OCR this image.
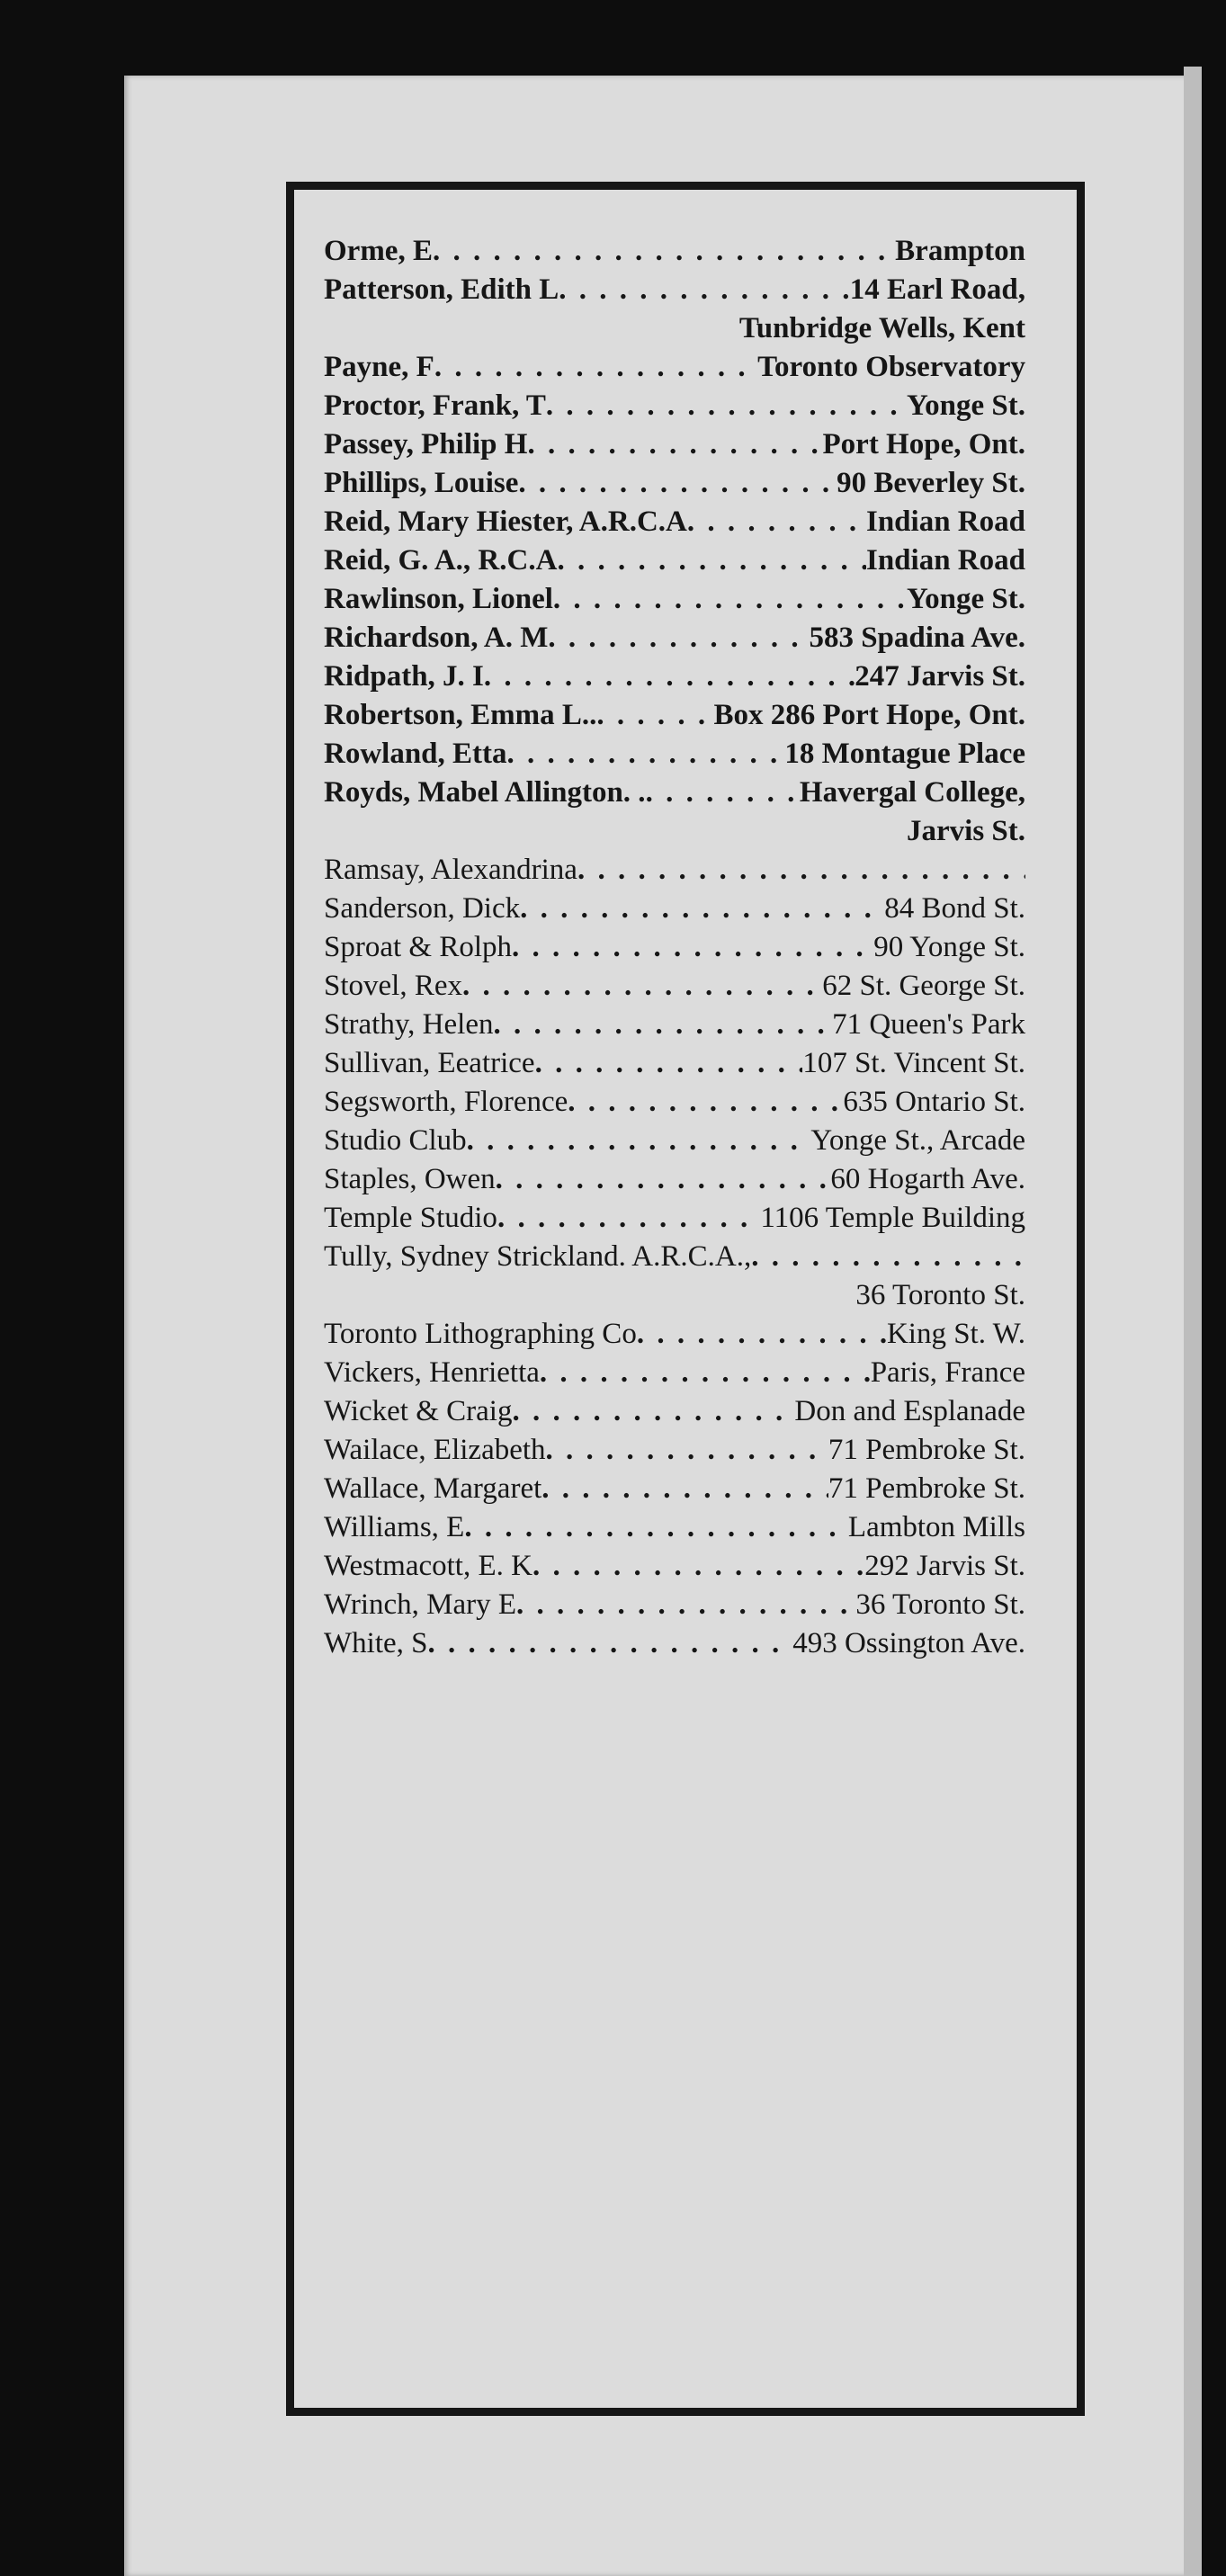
Orme, E . . .	Brampton
Patterson, Edith L . . .	14 Earl Road,
Tunbridge Wells, Kent
Payne, F . . .	Toronto Observatory
Proctor, Frank, T . . .	Yonge St.
Passey, Philip H . . .	Port Hope, Ont.
Phillips, Louise . . .	90 Beverley St.
Reid, Mary Hiester, A.R.C.A . . .	Indian Road
Reid, G. A., R.C.A . . .	Indian Road
Rawlinson, Lionel . . .	Yonge St.
Richardson, A. M . . .	583 Spadina Ave.
Ridpath, J. I . . .	247 Jarvis St.
Robertson, Emma L.. . . .	Box 286 Port Hope, Ont.
Rowland, Etta . . .	18 Montague Place
Royds, Mabel Allington. . . . .	Havergal College,
Jarvis St.
Ramsay, Alexandrina
. . .
Sanderson, Dick . . .	84 Bond St.
Sproat & Rolph . . .	90 Yonge St.
Stovel, Rex . . .	62 St. George St.
Strathy, Helen . . .	71 Queen's Park
Sullivan, Eeatrice . . .	107 St. Vincent St.
Segsworth, Florence . . .	635 Ontario St.
Studio Club . . .	Yonge St., Arcade
Staples, Owen . . .	60 Hogarth Ave.
Temple Studio . . .	1106 Temple Building
Tully, Sydney Strickland. A.R.C.A.,
. . .
36 Toronto St.
Toronto Lithographing Co . . .	King St. W.
Vickers, Henrietta . . .	Paris, France
Wicket & Craig . . .	Don and Esplanade
Wailace, Elizabeth . . .	71 Pembroke St.
Wallace, Margaret . . .	71 Pembroke St.
Williams, E . . .	Lambton Mills
Westmacott, E. K . . .	292 Jarvis St.
Wrinch, Mary E . . .	36 Toronto St.
White, S . . .	493 Ossington Ave.
